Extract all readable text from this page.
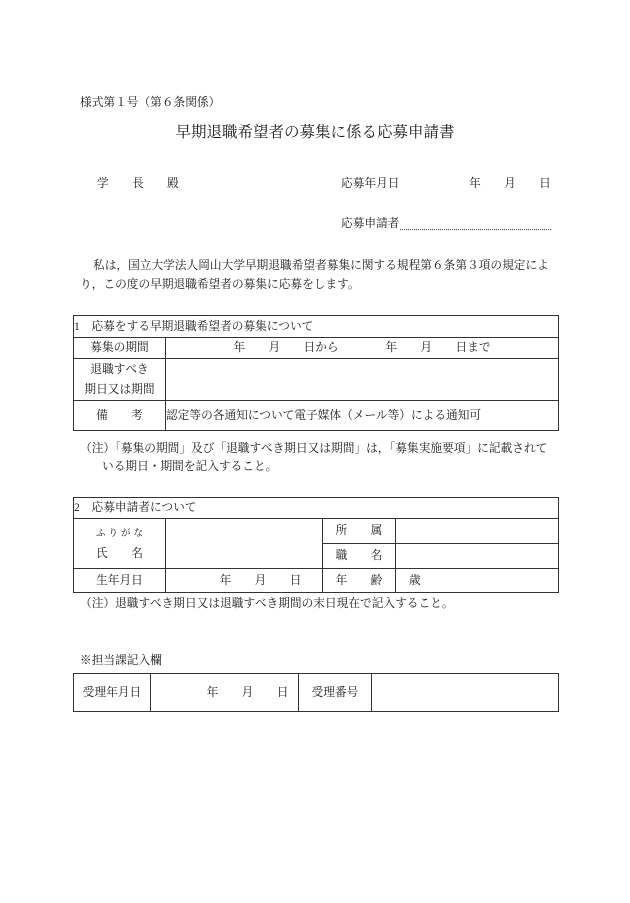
様式第１号（第６条関係）
早期退職希望者の募集に係る応募申請書
学　　長　　殿	応募年月日	年　　月　　日
応募申請者
私は，国立大学法人岡山大学早期退職希望者募集に関する規程第６条第３項の規定によ
り，この度の早期退職希望者の募集に応募をします。
1　応募をする早期退職希望者の募集について	
募集の期間	年　　月　　日から　　　　年　　月　　日まで

退職すべき
期日又は期間	

備　　考	認定等の各通知について電子媒体（メール等）による通知可
（注）「募集の期間」及び「退職すべき期日又は期間」は，「募集実施要項」に記載されて
いる期日・期間を記入すること。
2　応募申請者について			

ふりがな
氏　　名		所　　属	
		職　　名	
生年月日	年　　月　　日	年　　齢	歳
（注）退職すべき期日又は退職すべき期間の末日現在で記入すること。
※担当課記入欄
受理年月日	年　　月　　日	受理番号	
